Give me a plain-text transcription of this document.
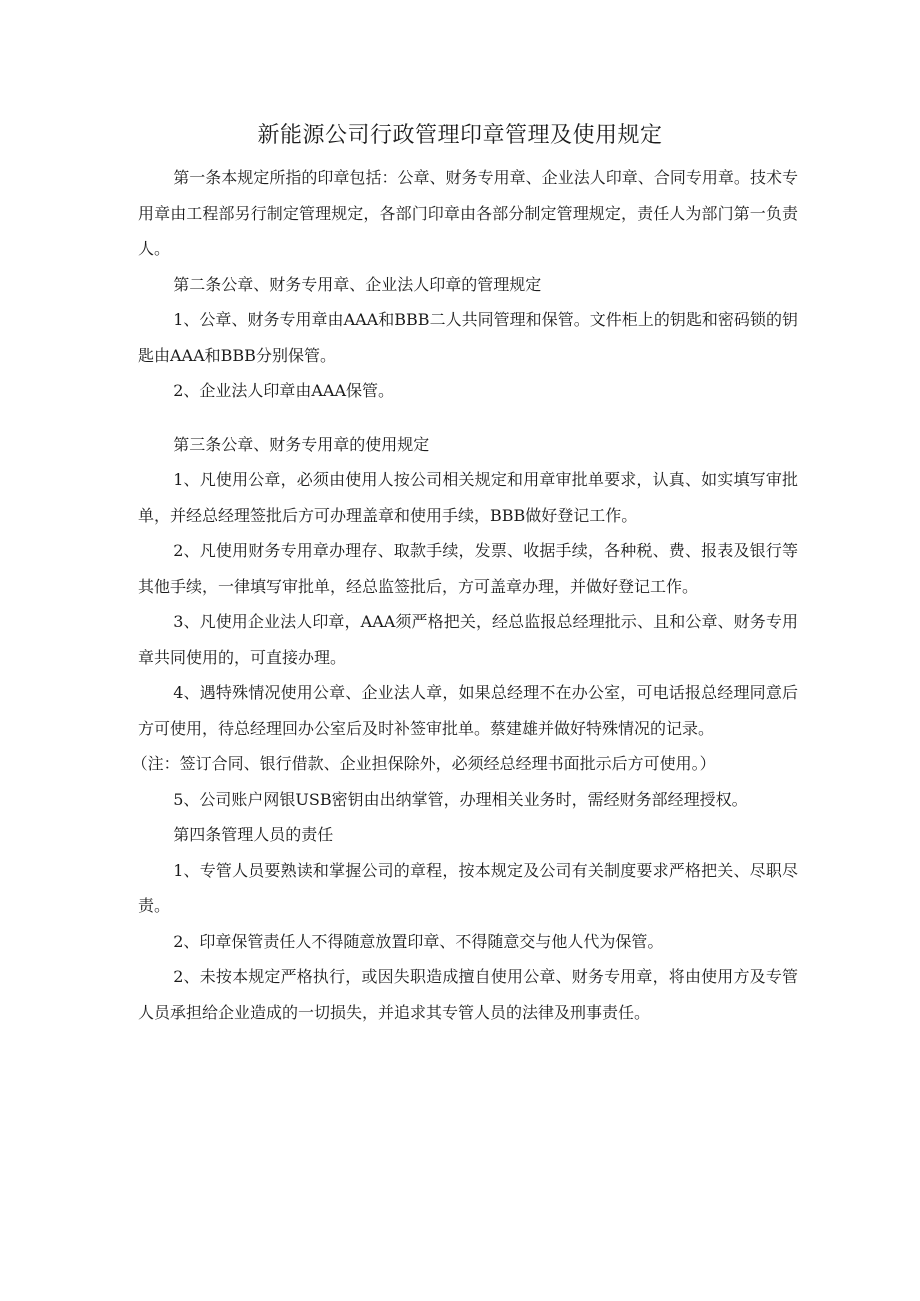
新能源公司行政管理印章管理及使用规定

第一条本规定所指的印章包括：公章、财务专用章、企业法人印章、合同专用章。技术专用章由工程部另行制定管理规定，各部门印章由各部分制定管理规定，责任人为部门第一负责人。

第二条公章、财务专用章、企业法人印章的管理规定

1、公章、财务专用章由AAA和BBB二人共同管理和保管。文件柜上的钥匙和密码锁的钥匙由AAA和BBB分别保管。

2、企业法人印章由AAA保管。

第三条公章、财务专用章的使用规定

1、凡使用公章，必须由使用人按公司相关规定和用章审批单要求，认真、如实填写审批单，并经总经理签批后方可办理盖章和使用手续，BBB做好登记工作。

2、凡使用财务专用章办理存、取款手续，发票、收据手续，各种税、费、报表及银行等其他手续，一律填写审批单，经总监签批后，方可盖章办理，并做好登记工作。

3、凡使用企业法人印章，AAA须严格把关，经总监报总经理批示、且和公章、财务专用章共同使用的，可直接办理。

4、遇特殊情况使用公章、企业法人章，如果总经理不在办公室，可电话报总经理同意后方可使用，待总经理回办公室后及时补签审批单。蔡建雄并做好特殊情况的记录。

（注：签订合同、银行借款、企业担保除外，必须经总经理书面批示后方可使用。）

5、公司账户网银USB密钥由出纳掌管，办理相关业务时，需经财务部经理授权。

第四条管理人员的责任

1、专管人员要熟读和掌握公司的章程，按本规定及公司有关制度要求严格把关、尽职尽责。

2、印章保管责任人不得随意放置印章、不得随意交与他人代为保管。

2、未按本规定严格执行，或因失职造成擅自使用公章、财务专用章，将由使用方及专管人员承担给企业造成的一切损失，并追求其专管人员的法律及刑事责任。
